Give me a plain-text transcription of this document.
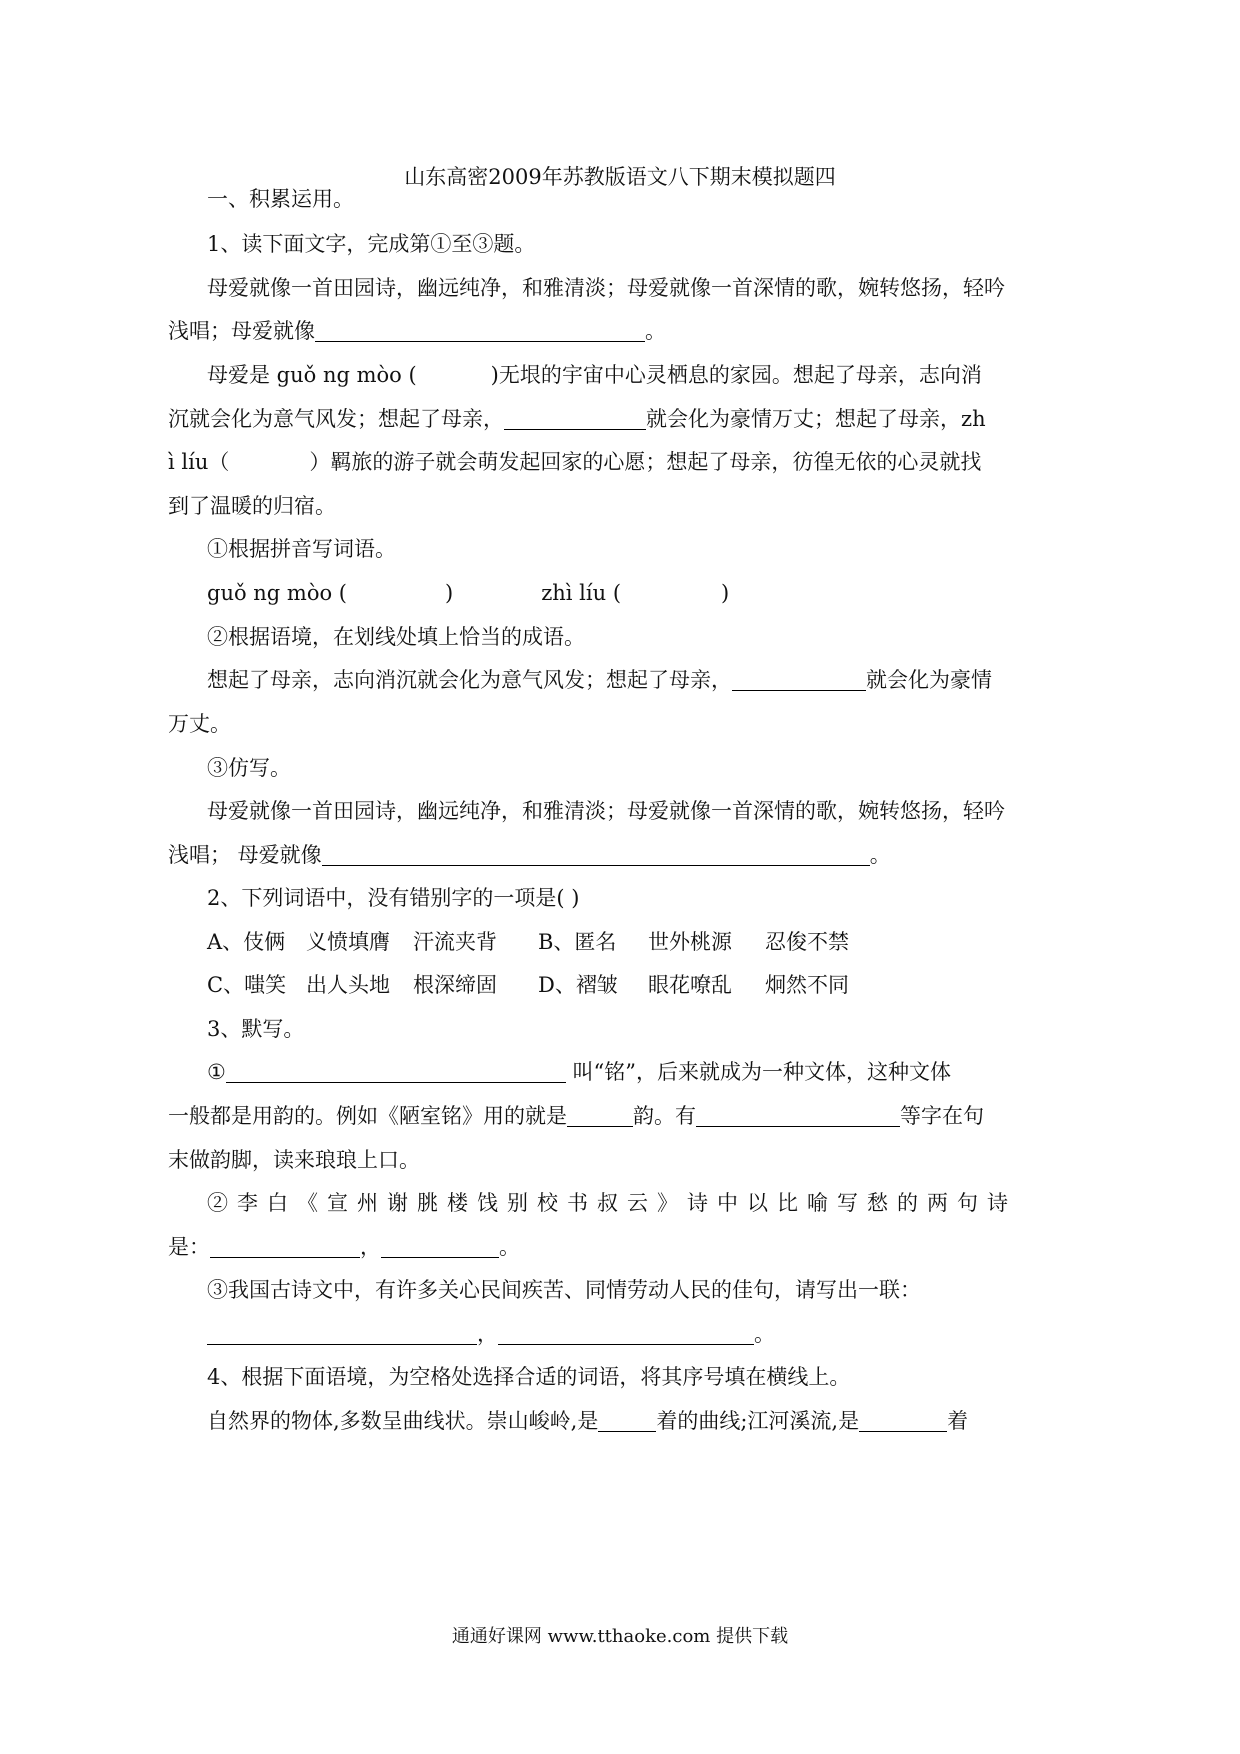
山东高密2009年苏教版语文八下期末模拟题四
一、积累运用。
1、读下面文字，完成第①至③题。
母爱就像一首田园诗，幽远纯净，和雅清淡；母爱就像一首深情的歌，婉转悠扬，轻吟
浅唱；母爱就像	。
母爱是 guǒ ng mòo (	)无垠的宇宙中心灵栖息的家园。想起了母亲，志向消
沉就会化为意气风发；想起了母亲，	就会化为豪情万丈；想起了母亲，zh
ì líu（	）羁旅的游子就会萌发起回家的心愿；想起了母亲，彷徨无依的心灵就找
到了温暖的归宿。
①根据拼音写词语。
guǒ ng mòo (	)	zhì líu (	)
②根据语境，在划线处填上恰当的成语。
想起了母亲，志向消沉就会化为意气风发；想起了母亲，	就会化为豪情
万丈。
③仿写。
母爱就像一首田园诗，幽远纯净，和雅清淡；母爱就像一首深情的歌，婉转悠扬，轻吟
浅唱； 母爱就像	。
2、下列词语中，没有错别字的一项是( )
A、伎俩 义愤填膺 汗流夹背 B、匿名 世外桃源 忍俊不禁
C、嗤笑 出人头地 根深缔固 D、褶皱 眼花嘹乱 炯然不同
3、默写。
①	叫“铭”，后来就成为一种文体，这种文体
一般都是用韵的。例如《陋室铭》用的就是	韵。有	等字在句
末做韵脚，读来琅琅上口。
②李白《宣州谢朓楼饯别校书叔云》诗中以比喻写愁的两句诗
是：	，	。
③我国古诗文中，有许多关心民间疾苦、同情劳动人民的佳句，请写出一联：
，	。
4、根据下面语境，为空格处选择合适的词语，将其序号填在横线上。
自然界的物体,多数呈曲线状。崇山峻岭,是	着的曲线;江河溪流,是	着
通通好课网 www.tthaoke.com 提供下载
